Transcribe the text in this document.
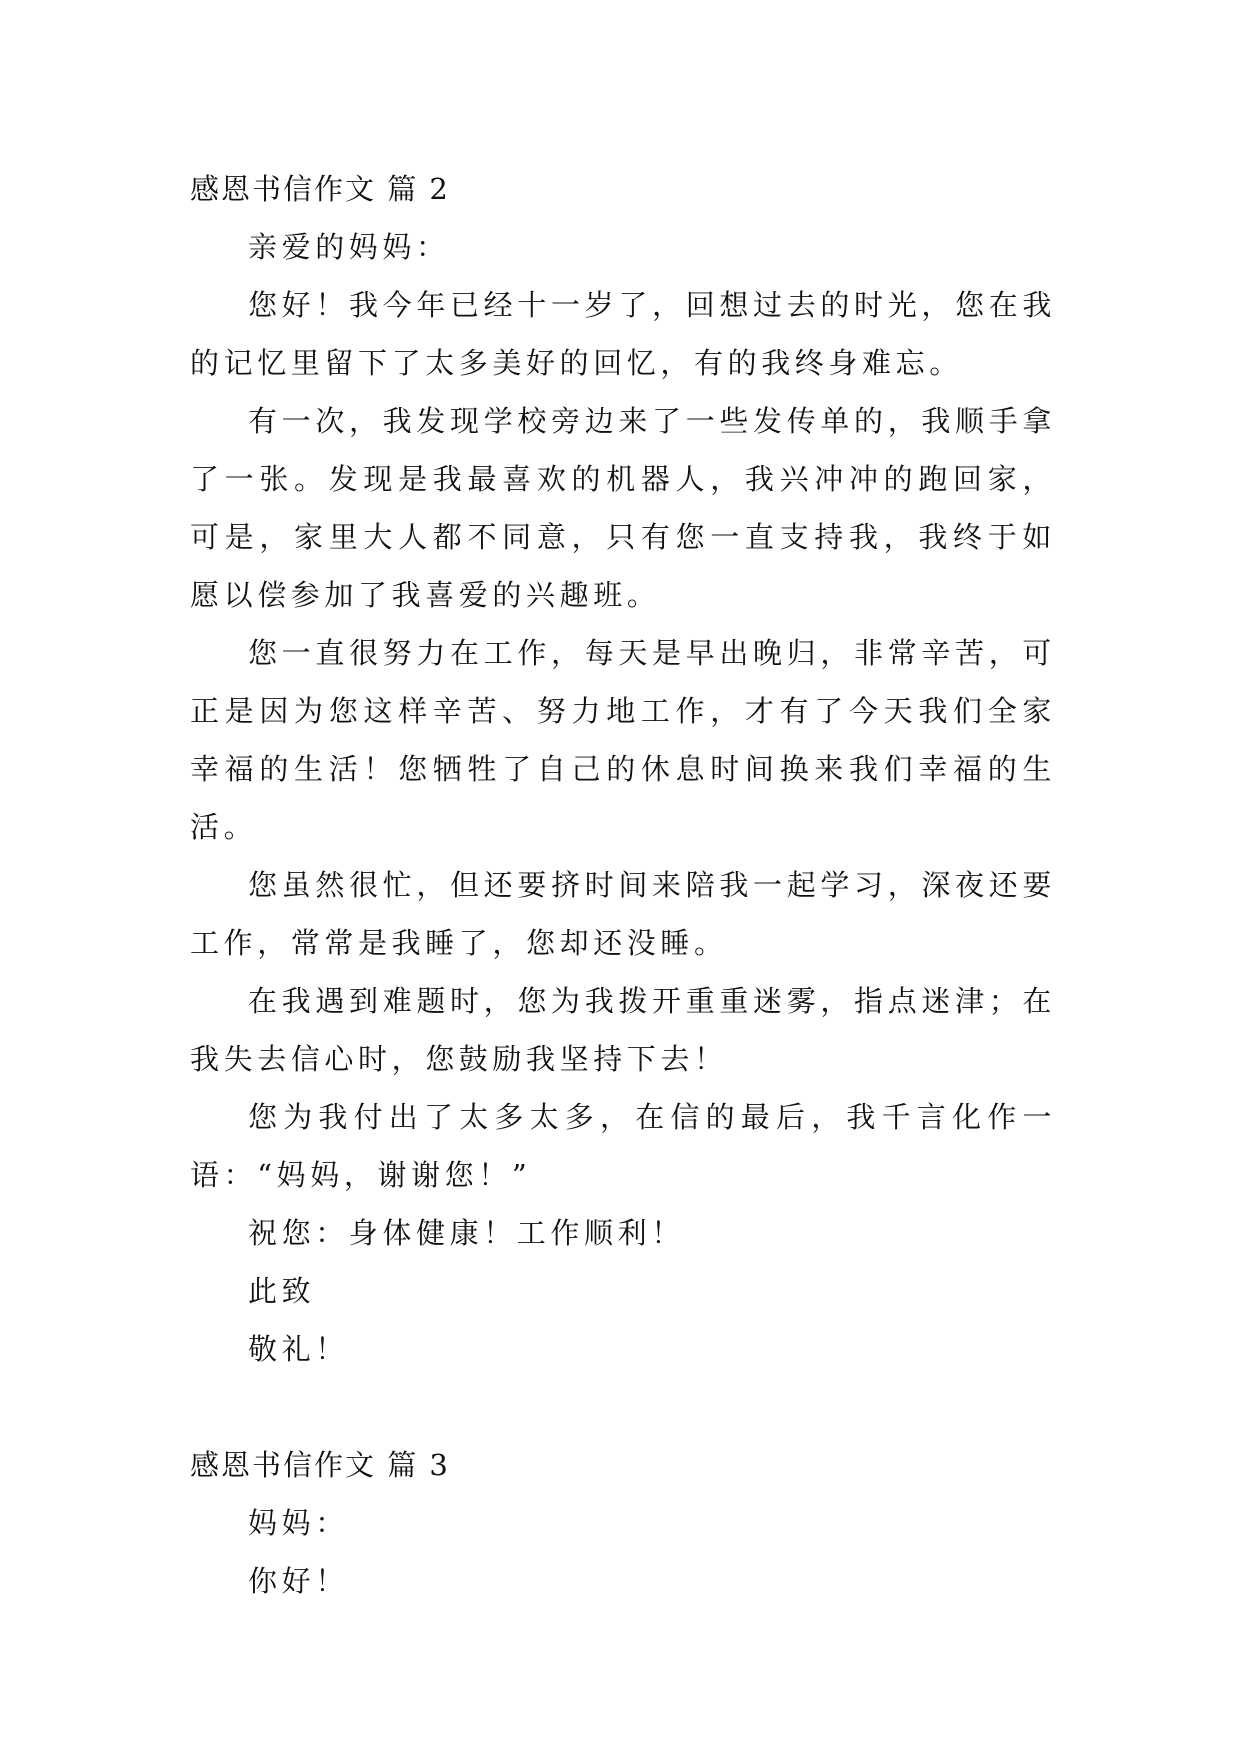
感恩书信作文 篇 2

亲爱的妈妈：

您好！我今年已经十一岁了，回想过去的时光，您在我的记忆里留下了太多美好的回忆，有的我终身难忘。

有一次，我发现学校旁边来了一些发传单的，我顺手拿了一张。发现是我最喜欢的机器人，我兴冲冲的跑回家，可是，家里大人都不同意，只有您一直支持我，我终于如愿以偿参加了我喜爱的兴趣班。

您一直很努力在工作，每天是早出晚归，非常辛苦，可正是因为您这样辛苦、努力地工作，才有了今天我们全家幸福的生活！您牺牲了自己的休息时间换来我们幸福的生活。

您虽然很忙，但还要挤时间来陪我一起学习，深夜还要工作，常常是我睡了，您却还没睡。

在我遇到难题时，您为我拨开重重迷雾，指点迷津；在我失去信心时，您鼓励我坚持下去！

您为我付出了太多太多，在信的最后，我千言化作一语：“妈妈，谢谢您！”

祝您：身体健康！工作顺利！

此致

敬礼！

感恩书信作文 篇 3

妈妈：

你好！
